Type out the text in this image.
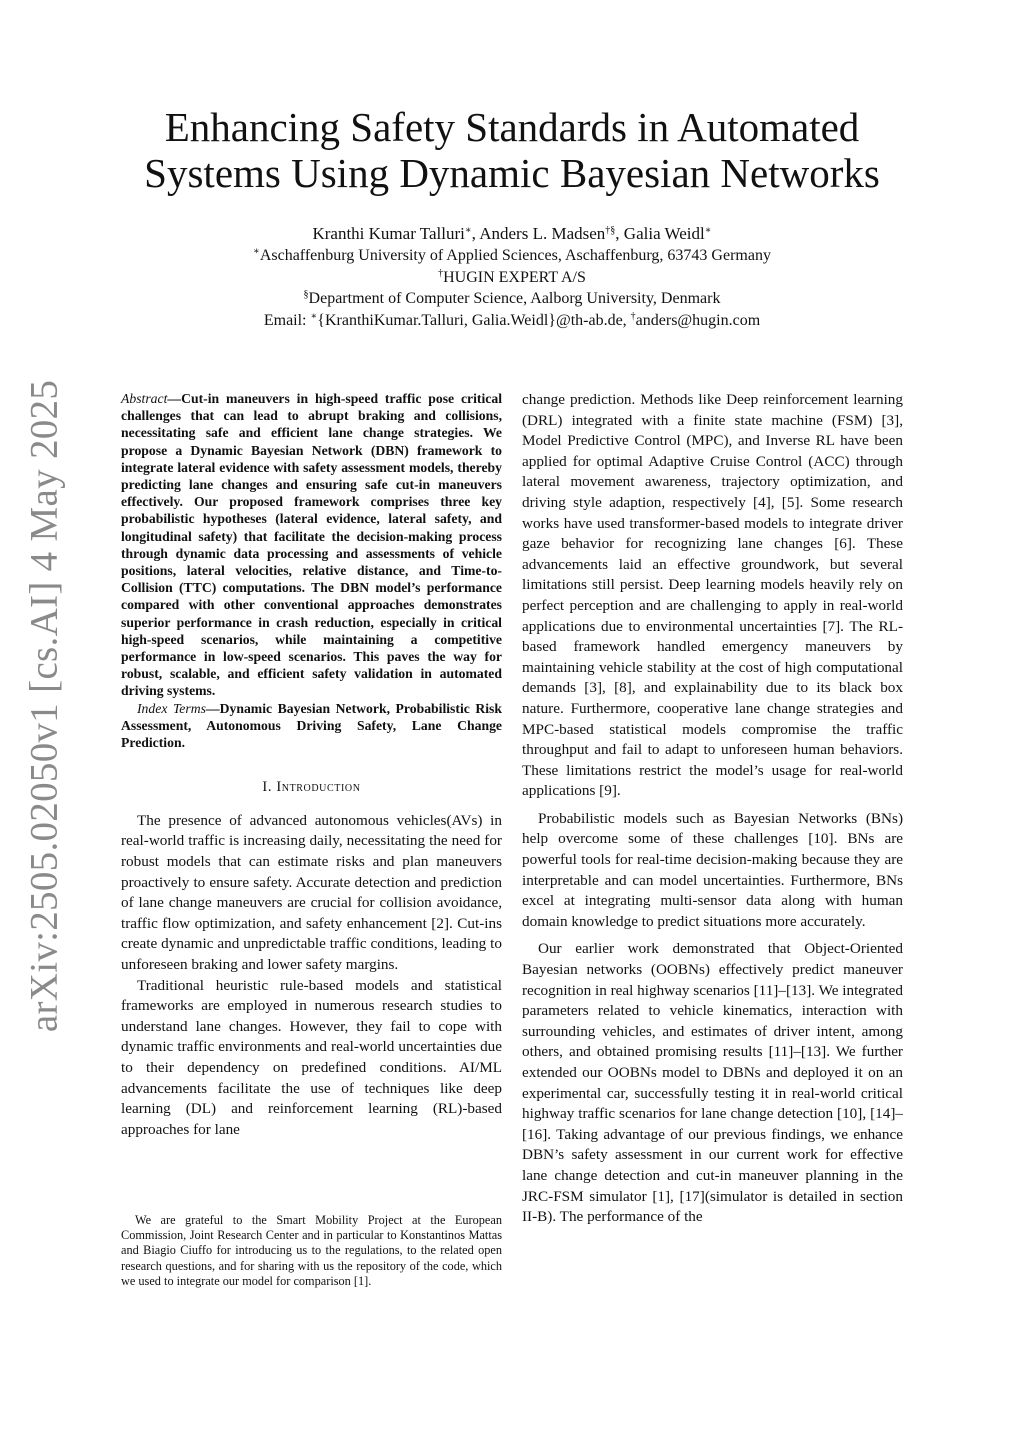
arXiv:2505.02050v1 [cs.AI] 4 May 2025
Enhancing Safety Standards in Automated
Systems Using Dynamic Bayesian Networks
Kranthi Kumar Talluri∗, Anders L. Madsen†§, Galia Weidl∗
∗Aschaffenburg University of Applied Sciences, Aschaffenburg, 63743 Germany
†HUGIN EXPERT A/S
§Department of Computer Science, Aalborg University, Denmark
Email: ∗{KranthiKumar.Talluri, Galia.Weidl}@th-ab.de, †anders@hugin.com

Abstract—Cut-in maneuvers in high-speed traffic pose critical challenges that can lead to abrupt braking and collisions, necessitating safe and efficient lane change strategies. We propose a Dynamic Bayesian Network (DBN) framework to integrate lateral evidence with safety assessment models, thereby predicting lane changes and ensuring safe cut-in maneuvers effectively. Our proposed framework comprises three key probabilistic hypotheses (lateral evidence, lateral safety, and longitudinal safety) that facilitate the decision-making process through dynamic data processing and assessments of vehicle positions, lateral velocities, relative distance, and Time-to-Collision (TTC) computations. The DBN model’s performance compared with other conventional approaches demonstrates superior performance in crash reduction, especially in critical high-speed scenarios, while maintaining a competitive performance in low-speed scenarios. This paves the way for robust, scalable, and efficient safety validation in automated driving systems.

Index Terms—Dynamic Bayesian Network, Probabilistic Risk Assessment, Autonomous Driving Safety, Lane Change Prediction.

I. Introduction

The presence of advanced autonomous vehicles(AVs) in real-world traffic is increasing daily, necessitating the need for robust models that can estimate risks and plan maneuvers proactively to ensure safety. Accurate detection and prediction of lane change maneuvers are crucial for collision avoidance, traffic flow optimization, and safety enhancement [2]. Cut-ins create dynamic and unpredictable traffic conditions, leading to unforeseen braking and lower safety margins.

Traditional heuristic rule-based models and statistical frameworks are employed in numerous research studies to understand lane changes. However, they fail to cope with dynamic traffic environments and real-world uncertainties due to their dependency on predefined conditions. AI/ML advancements facilitate the use of techniques like deep learning (DL) and reinforcement learning (RL)-based approaches for lane

We are grateful to the Smart Mobility Project at the European Commission, Joint Research Center and in particular to Konstantinos Mattas and Biagio Ciuffo for introducing us to the regulations, to the related open research questions, and for sharing with us the repository of the code, which we used to integrate our model for comparison [1].

change prediction. Methods like Deep reinforcement learning (DRL) integrated with a finite state machine (FSM) [3], Model Predictive Control (MPC), and Inverse RL have been applied for optimal Adaptive Cruise Control (ACC) through lateral movement awareness, trajectory optimization, and driving style adaption, respectively [4], [5]. Some research works have used transformer-based models to integrate driver gaze behavior for recognizing lane changes [6]. These advancements laid an effective groundwork, but several limitations still persist. Deep learning models heavily rely on perfect perception and are challenging to apply in real-world applications due to environmental uncertainties [7]. The RL-based framework handled emergency maneuvers by maintaining vehicle stability at the cost of high computational demands [3], [8], and explainability due to its black box nature. Furthermore, cooperative lane change strategies and MPC-based statistical models compromise the traffic throughput and fail to adapt to unforeseen human behaviors. These limitations restrict the model’s usage for real-world applications [9].

Probabilistic models such as Bayesian Networks (BNs) help overcome some of these challenges [10]. BNs are powerful tools for real-time decision-making because they are interpretable and can model uncertainties. Furthermore, BNs excel at integrating multi-sensor data along with human domain knowledge to predict situations more accurately.

Our earlier work demonstrated that Object-Oriented Bayesian networks (OOBNs) effectively predict maneuver recognition in real highway scenarios [11]–[13]. We integrated parameters related to vehicle kinematics, interaction with surrounding vehicles, and estimates of driver intent, among others, and obtained promising results [11]–[13]. We further extended our OOBNs model to DBNs and deployed it on an experimental car, successfully testing it in real-world critical highway traffic scenarios for lane change detection [10], [14]–[16]. Taking advantage of our previous findings, we enhance DBN’s safety assessment in our current work for effective lane change detection and cut-in maneuver planning in the JRC-FSM simulator [1], [17](simulator is detailed in section II-B). The performance of the
